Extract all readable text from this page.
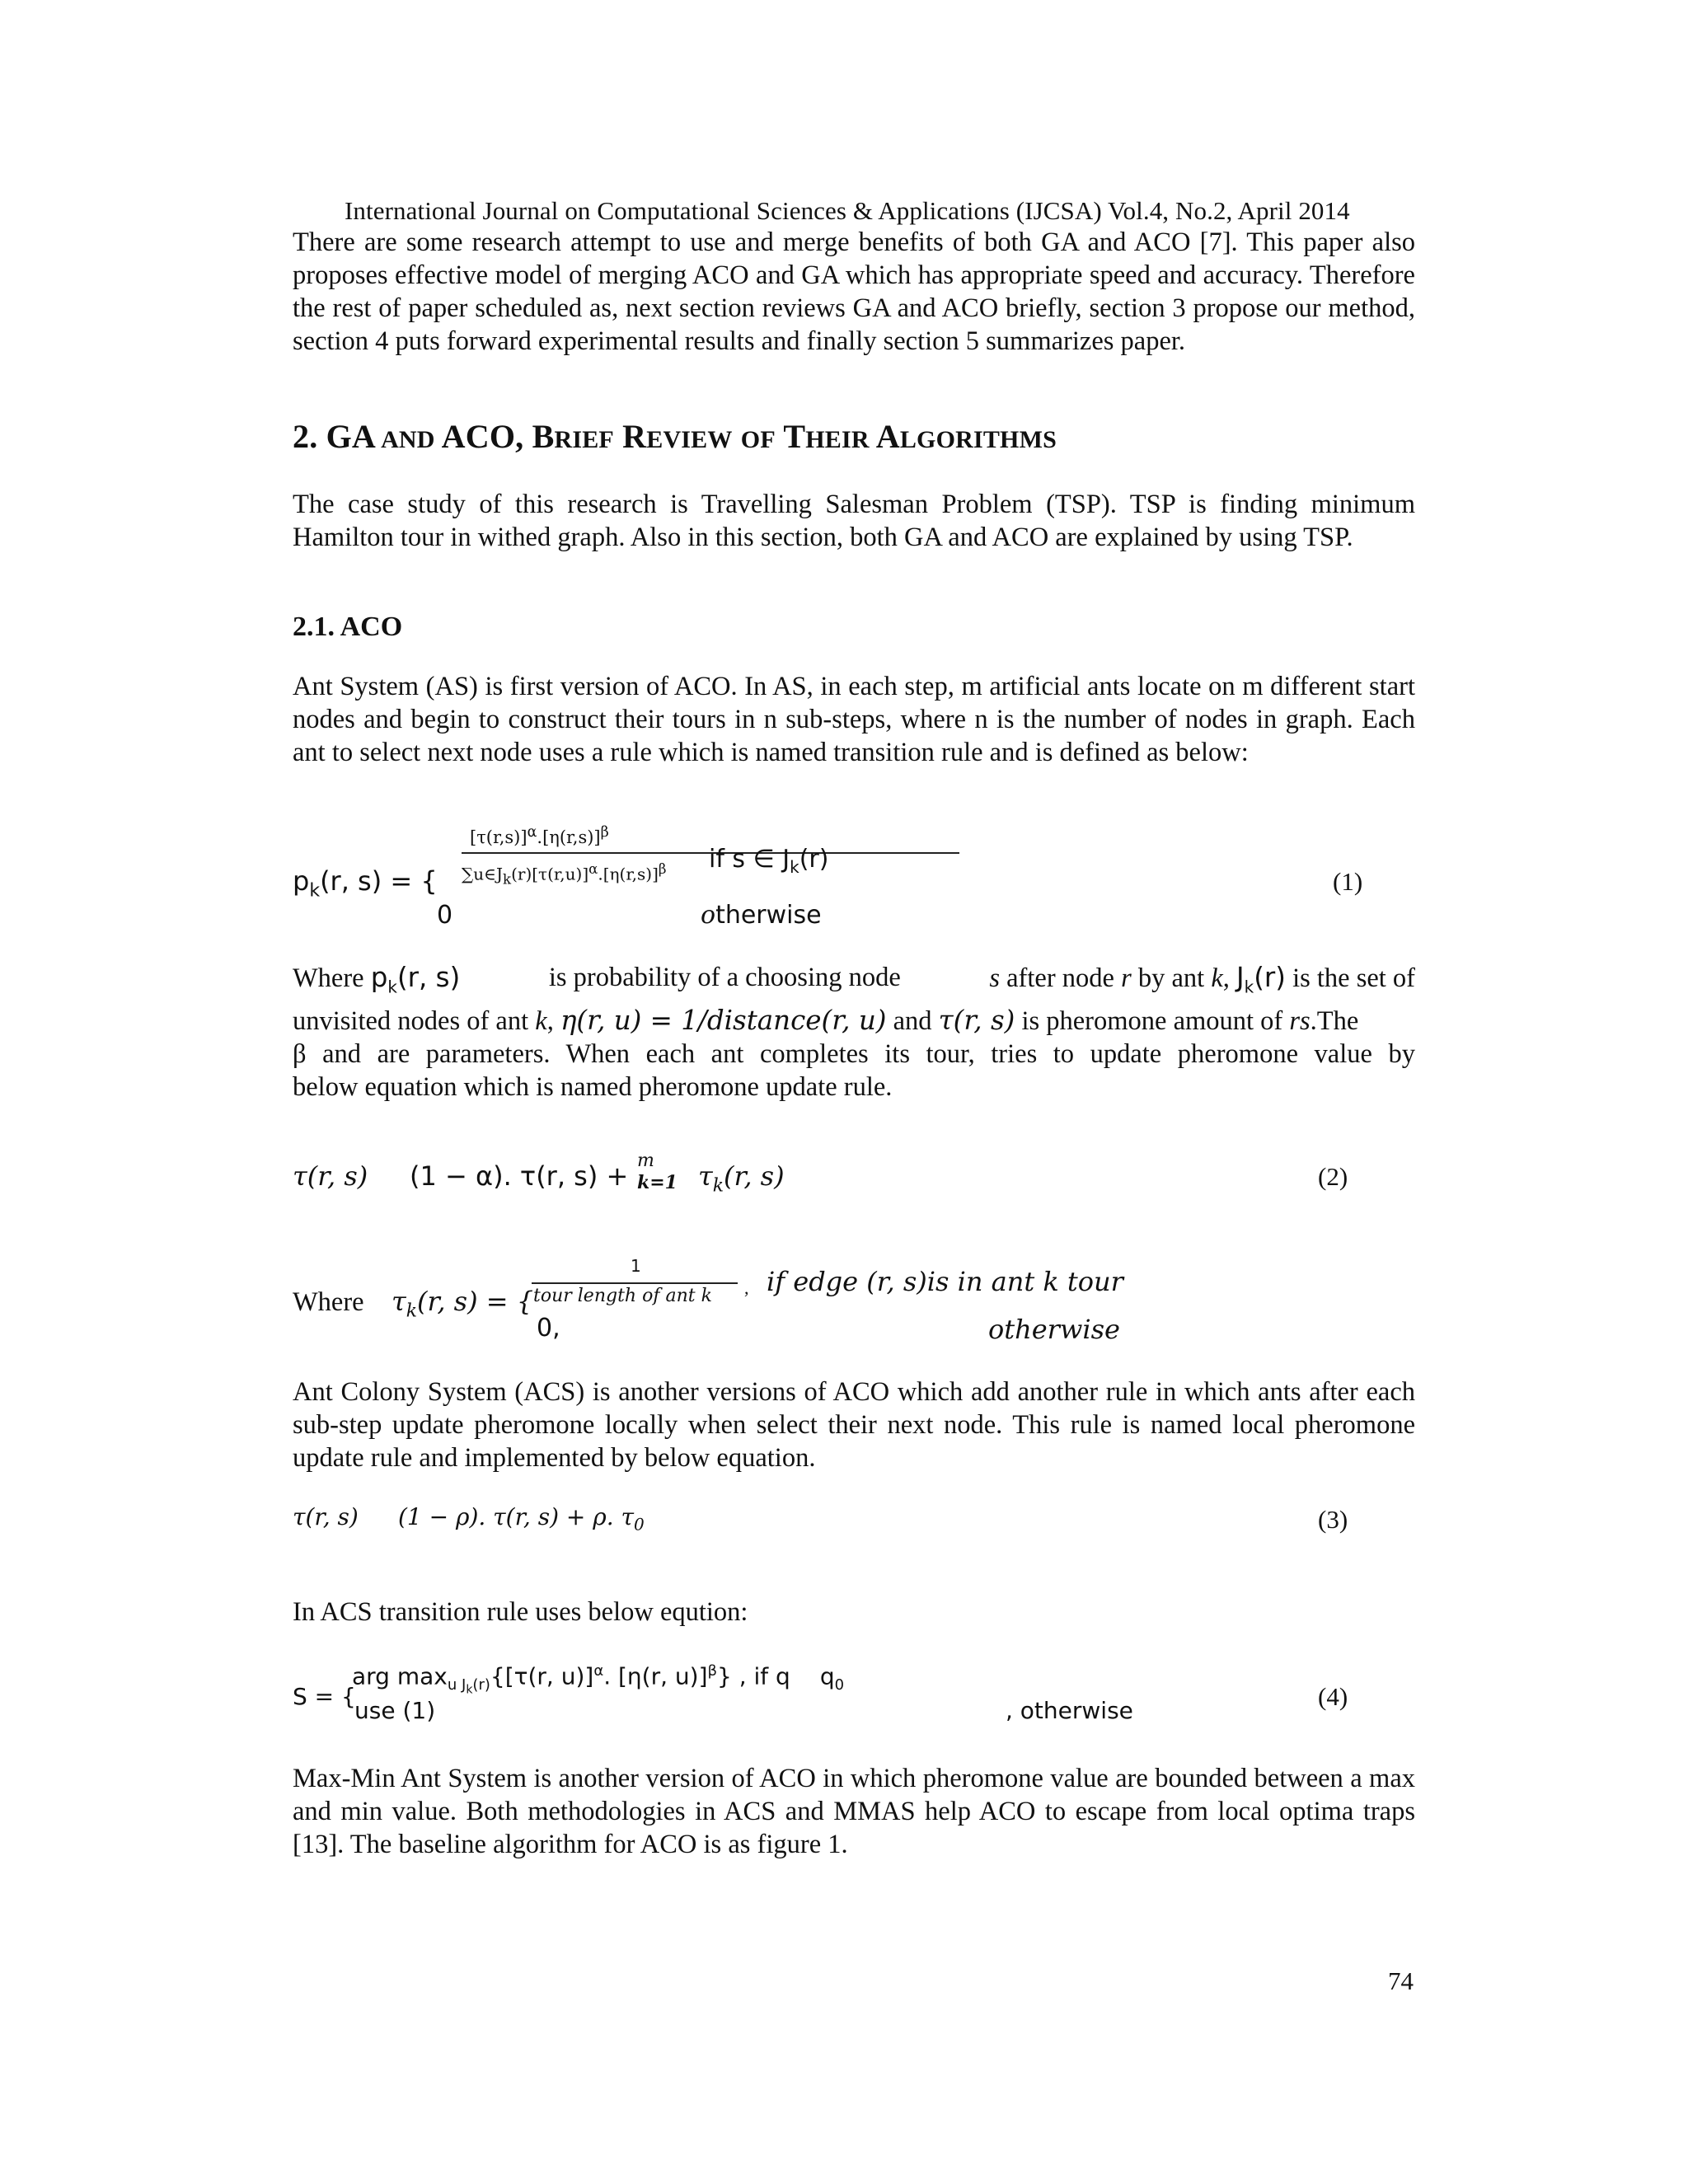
International Journal on Computational Sciences & Applications (IJCSA) Vol.4, No.2, April 2014
There are some research attempt to use and merge benefits of both GA and ACO [7]. This paper also proposes effective model of merging ACO and GA which has appropriate speed and accuracy. Therefore the rest of paper scheduled as, next section reviews GA and ACO briefly, section 3 propose our method, section 4 puts forward experimental results and finally section 5 summarizes paper.
2. GA AND ACO, BRIEF REVIEW OF THEIR ALGORITHMS
The case study of this research is Travelling Salesman Problem (TSP). TSP is finding minimum Hamilton tour in withed graph. Also in this section, both GA and ACO are explained by using TSP.
2.1. ACO
Ant System (AS) is first version of ACO. In AS, in each step, m artificial ants locate on m different start nodes and begin to construct their tours in n sub-steps, where n is the number of nodes in graph. Each ant to select next node uses a rule which is named transition rule and is defined as below:
$p_k(r$, s) = {
$[\tau(r,s)]^\alpha.[\eta(r,s)]^\beta$
$\sum u\in J_k(r)[\tau(r,u)]^\alpha.[\eta(r,s)]^\beta$ if s ∈ $J_k(r)$
0	otherwise
(1)
Where $p_k(r$, s)	is probability of a choosing node	s after node r by ant k, $J_k(r)$ is the set of
unvisited nodes of ant k, η(r, u) = 1/distance(r, u) and τ(r, s) is pheromone amount of rs.The
β and are parameters. When each ant completes its tour, tries to update pheromone value by
below equation which is named pheromone update rule.
τ(r, s) (1 − α). τ(r, s) + m
k=1 $\tau_k(r$, s)	(2)
Where $\tau_k(r$, s) = {
1
tour length of ant k , if edge (r, s)is in ant k tour
0,	otherwise
Ant Colony System (ACS) is another versions of ACO which add another rule in which ants after each sub-step update pheromone locally when select their next node. This rule is named local pheromone update rule and implemented by below equation.
τ(r, s) (1 − ρ). τ(r, s) + ρ. $\tau_0$	(3)
In ACS transition rule uses below eqution:
S = {
arg $\max_{u J_k(r)}\{[\tau(r$, u)]$^\alpha$. [η(r, u)]$^\beta$} , if q $q_0$
use (1)	, otherwise	(4)
Max-Min Ant System is another version of ACO in which pheromone value are bounded between a max and min value. Both methodologies in ACS and MMAS help ACO to escape from local optima traps [13]. The baseline algorithm for ACO is as figure 1.
74
